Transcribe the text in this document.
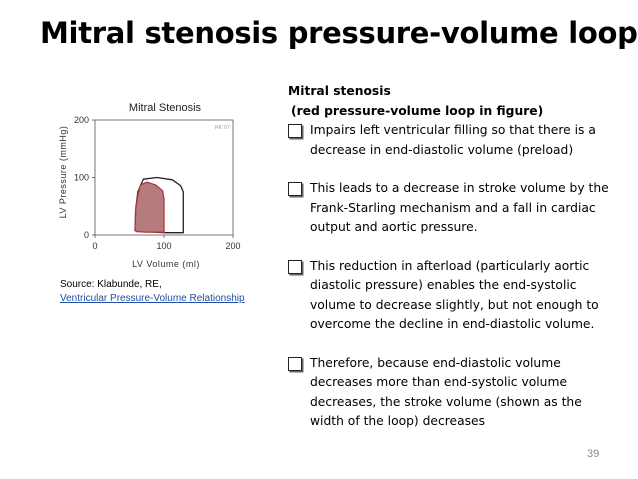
Mitral stenosis pressure-volume loop
Mitral Stenosis
RK '07
LV Pressure (mmHg)
0	100	200
0
100
200
LV Volume (ml)
Source: Klabunde, RE,
Ventricular Pressure-Volume Relationship
Mitral stenosis
(red pressure-volume loop in figure)
Impairs left ventricular filling so that there is a decrease in end-diastolic volume (preload)
This leads to a decrease in stroke volume by the Frank-Starling mechanism and a fall in cardiac output and aortic pressure.
This reduction in afterload (particularly aortic diastolic pressure) enables the end-systolic volume to decrease slightly, but not enough to overcome the decline in end-diastolic volume.
Therefore, because end-diastolic volume decreases more than end-systolic volume decreases, the stroke volume (shown as the width of the loop) decreases
39
